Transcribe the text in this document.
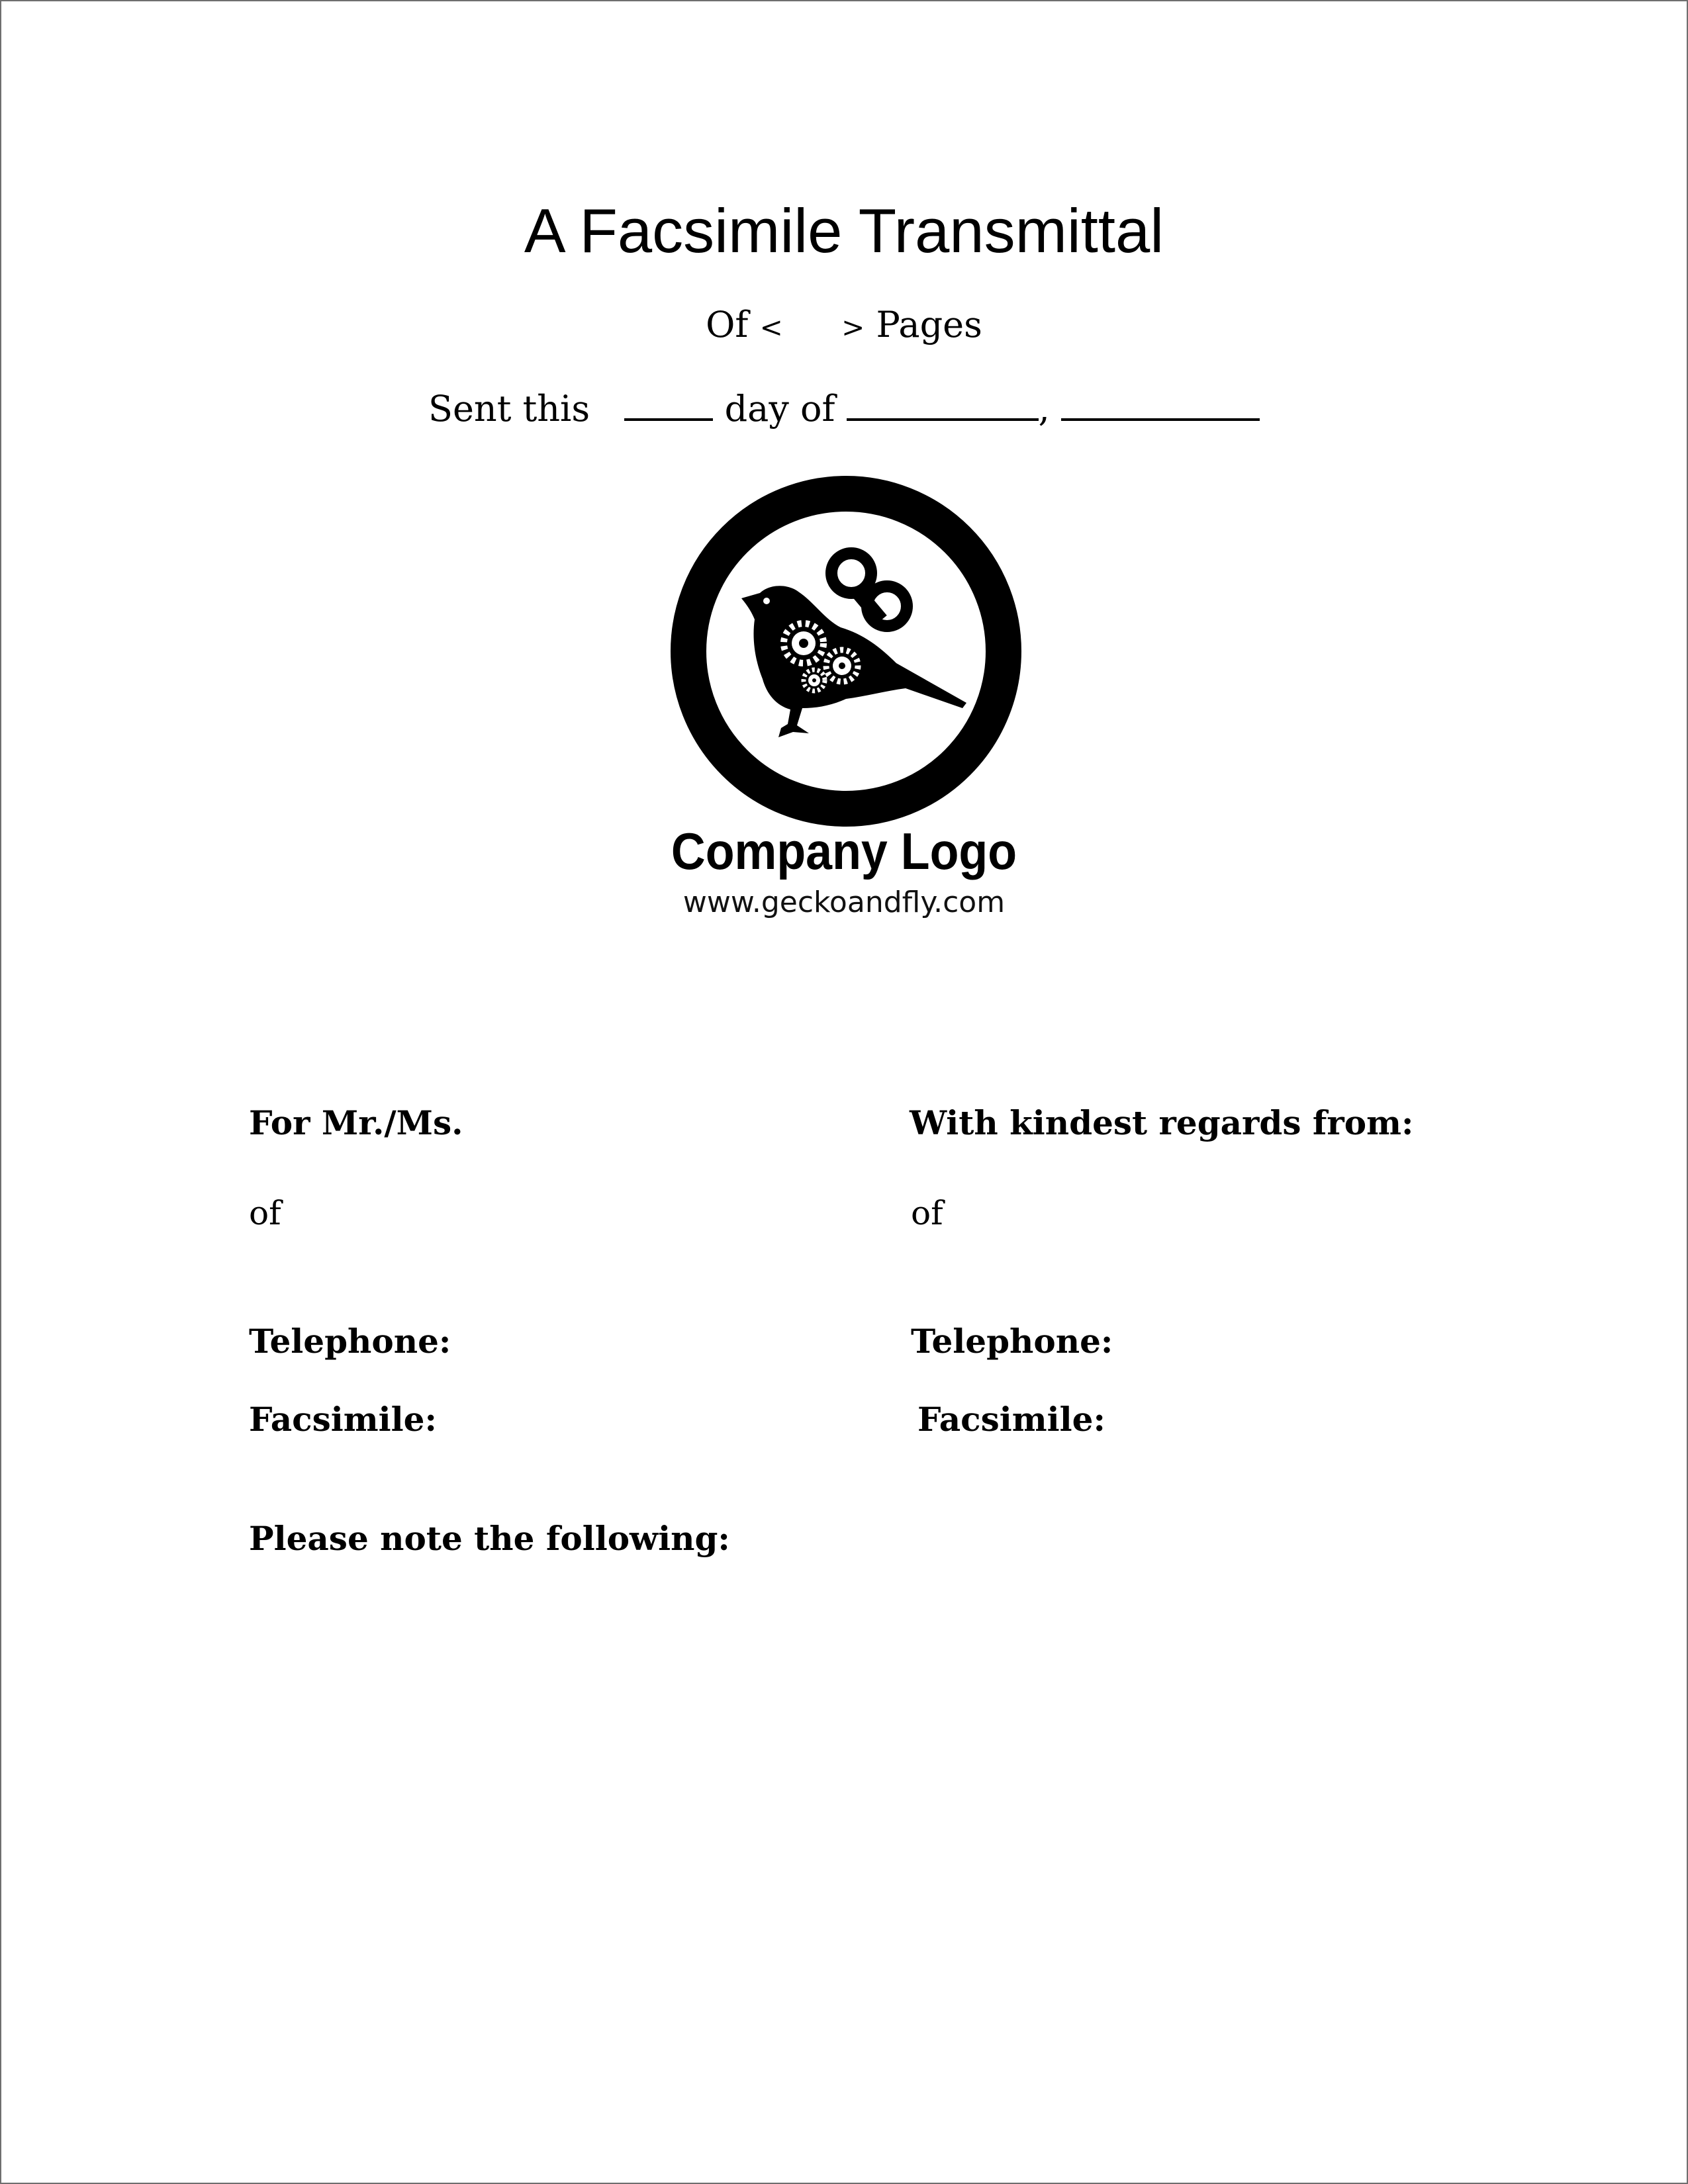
A Facsimile Transmittal
Of < > Pages
Sent this	day of	,
Company Logo
www.geckoandfly.com
For Mr./Ms.
of
Telephone:
Facsimile:
With kindest regards from:
of
Telephone:
Facsimile:
Please note the following:
